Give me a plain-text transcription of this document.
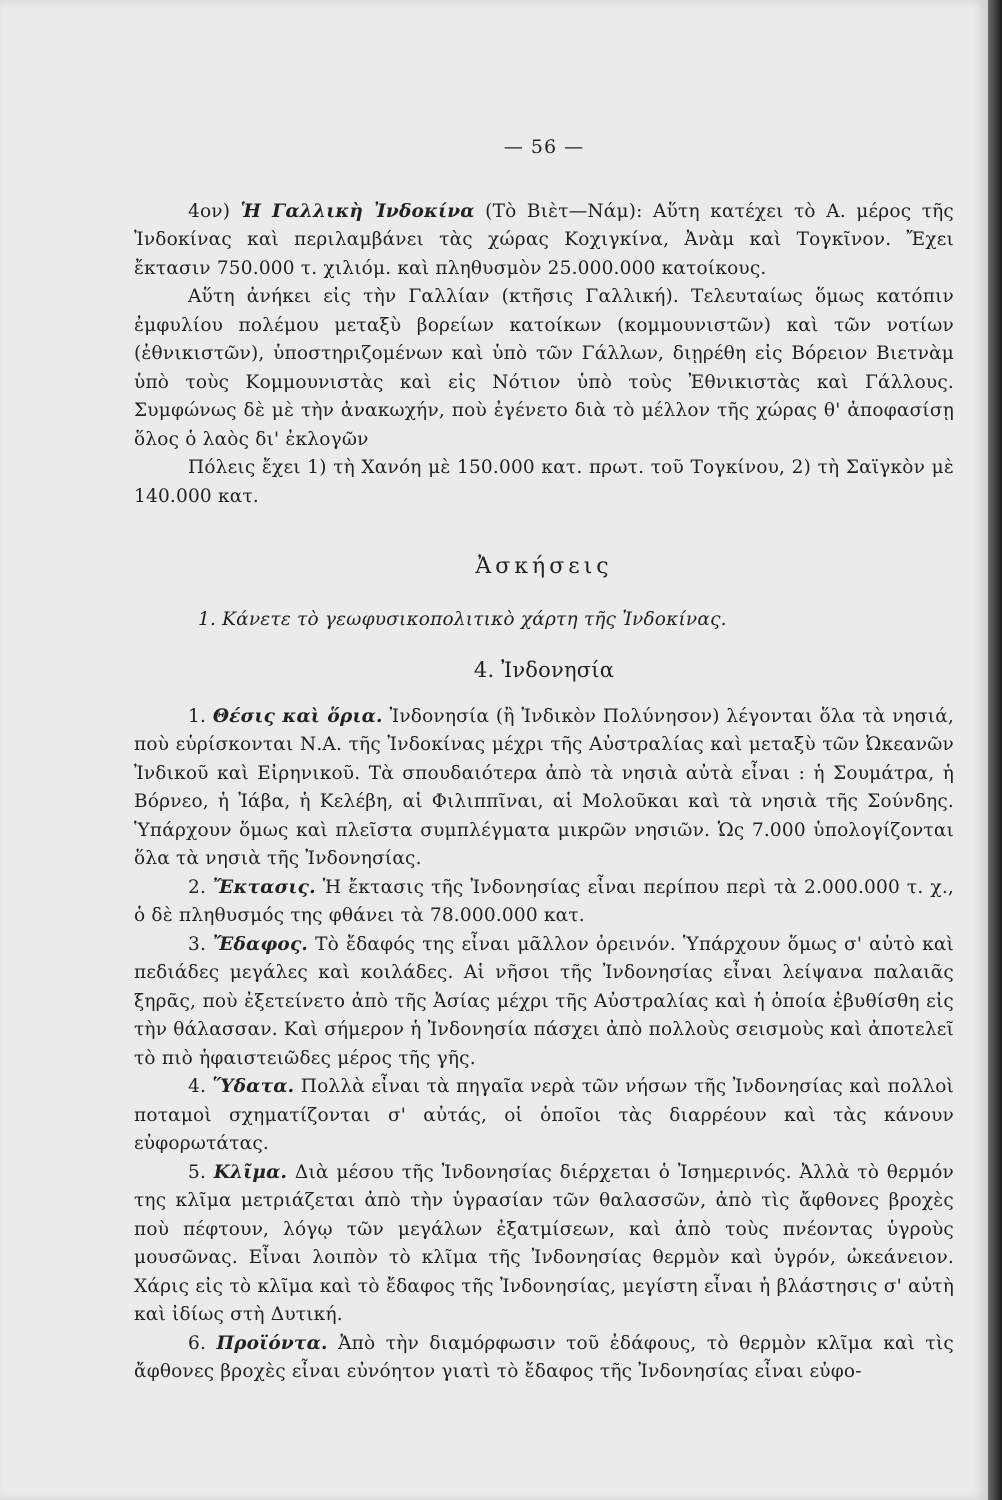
— 56 —

4ον) Ἡ Γαλλικὴ Ἰνδοκίνα (Τὸ Βιὲτ—Νάμ): Αὕτη κατέχει τὸ Α. μέρος τῆς Ἰνδοκίνας καὶ περιλαμβάνει τὰς χώρας Κοχιγκίνα, Ἀνὰμ καὶ Τογκῖνον. Ἔχει ἔκτασιν 750.000 τ. χιλιόμ. καὶ πληθυσμὸν 25.000.000 κατοίκους.

Αὕτη ἀνήκει εἰς τὴν Γαλλίαν (κτῆσις Γαλλική). Τελευταίως ὅμως κατόπιν ἐμφυλίου πολέμου μεταξὺ βορείων κατοίκων (κομμουνιστῶν) καὶ τῶν νοτίων (ἐθνικιστῶν), ὑποστηριζομένων καὶ ὑπὸ τῶν Γάλλων, διῃρέθη εἰς Βόρειον Βιετνὰμ ὑπὸ τοὺς Κομμουνιστὰς καὶ εἰς Νότιον ὑπὸ τοὺς Ἐθνικιστὰς καὶ Γάλλους. Συμφώνως δὲ μὲ τὴν ἀνακωχήν, ποὺ ἐγένετο διὰ τὸ μέλλον τῆς χώρας θ' ἀποφασίσῃ ὅλος ὁ λαὸς δι' ἐκλογῶν

Πόλεις ἔχει 1) τὴ Χανόη μὲ 150.000 κατ. πρωτ. τοῦ Τογκίνου, 2) τὴ Σαϊγκὸν μὲ 140.000 κατ.

Ἀσκήσεις

1. Κάνετε τὸ γεωφυσικοπολιτικὸ χάρτη τῆς Ἰνδοκίνας.

4. Ἰνδονησία

1. Θέσις καὶ ὅρια. Ἰνδονησία (ἢ Ἰνδικὸν Πολύνησον) λέγονται ὅλα τὰ νησιά, ποὺ εὑρίσκονται Ν.Α. τῆς Ἰνδοκίνας μέχρι τῆς Αὐστραλίας καὶ μεταξὺ τῶν Ὠκεανῶν Ἰνδικοῦ καὶ Εἰρηνικοῦ. Τὰ σπουδαιότερα ἀπὸ τὰ νησιὰ αὐτὰ εἶναι : ἡ Σουμάτρα, ἡ Βόρνεο, ἡ Ἰάβα, ἡ Κελέβη, αἱ Φιλιππῖναι, αἱ Μολοῦκαι καὶ τὰ νησιὰ τῆς Σούνδης. Ὑπάρχουν ὅμως καὶ πλεῖστα συμπλέγματα μικρῶν νησιῶν. Ὡς 7.000 ὑπολογίζονται ὅλα τὰ νησιὰ τῆς Ἰνδονησίας.

2. Ἔκτασις. Ἡ ἔκτασις τῆς Ἰνδονησίας εἶναι περίπου περὶ τὰ 2.000.000 τ. χ., ὁ δὲ πληθυσμός της φθάνει τὰ 78.000.000 κατ.

3. Ἔδαφος. Τὸ ἔδαφός της εἶναι μᾶλλον ὀρεινόν. Ὑπάρχουν ὅμως σ' αὐτὸ καὶ πεδιάδες μεγάλες καὶ κοιλάδες. Αἱ νῆσοι τῆς Ἰνδονησίας εἶναι λείψανα παλαιᾶς ξηρᾶς, ποὺ ἐξετείνετο ἀπὸ τῆς Ἀσίας μέχρι τῆς Αὐστραλίας καὶ ἡ ὁποία ἐβυθίσθη εἰς τὴν θάλασσαν. Καὶ σήμερον ἡ Ἰνδονησία πάσχει ἀπὸ πολλοὺς σεισμοὺς καὶ ἀποτελεῖ τὸ πιὸ ἡφαιστειῶδες μέρος τῆς γῆς.

4. Ὕδατα. Πολλὰ εἶναι τὰ πηγαῖα νερὰ τῶν νήσων τῆς Ἰνδονησίας καὶ πολλοὶ ποταμοὶ σχηματίζονται σ' αὐτάς, οἱ ὁποῖοι τὰς διαρρέουν καὶ τὰς κάνουν εὐφορωτάτας.

5. Κλῖμα. Διὰ μέσου τῆς Ἰνδονησίας διέρχεται ὁ Ἰσημερινός. Ἀλλὰ τὸ θερμόν της κλῖμα μετριάζεται ἀπὸ τὴν ὑγρασίαν τῶν θαλασσῶν, ἀπὸ τὶς ἄφθονες βροχὲς ποὺ πέφτουν, λόγῳ τῶν μεγάλων ἐξατμίσεων, καὶ ἀπὸ τοὺς πνέοντας ὑγροὺς μουσῶνας. Εἶναι λοιπὸν τὸ κλῖμα τῆς Ἰνδονησίας θερμὸν καὶ ὑγρόν, ὠκεάνειον. Χάρις εἰς τὸ κλῖμα καὶ τὸ ἔδαφος τῆς Ἰνδονησίας, μεγίστη εἶναι ἡ βλάστησις σ' αὐτὴ καὶ ἰδίως στὴ Δυτική.

6. Προϊόντα. Ἀπὸ τὴν διαμόρφωσιν τοῦ ἐδάφους, τὸ θερμὸν κλῖμα καὶ τὶς ἄφθονες βροχὲς εἶναι εὐνόητον γιατὶ τὸ ἔδαφος τῆς Ἰνδονησίας εἶναι εὐφο-
